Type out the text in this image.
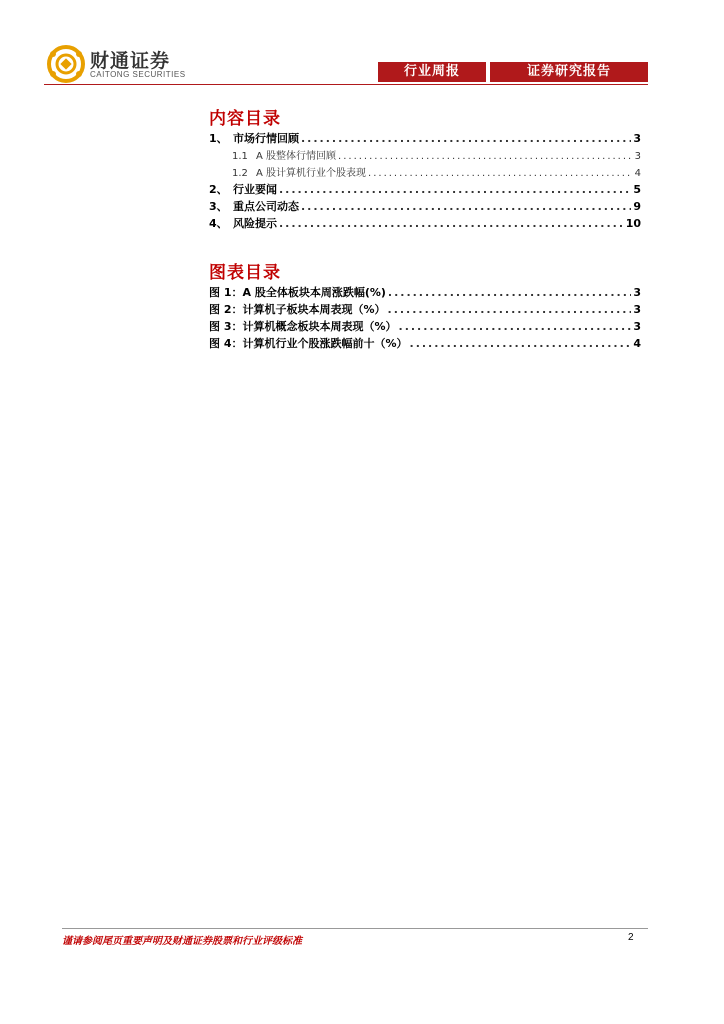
财通证券
CAITONG SECURITIES	行业周报	证券研究报告
内容目录
1、 市场行情回顾 .....	3
1.1 A 股整体行情回顾 .....	3
1.2 A 股计算机行业个股表现 .....	4
2、 行业要闻 .....	5
3、 重点公司动态 .....	9
4、 风险提示 .....	10
图表目录
图 1：A 股全体板块本周涨跌幅(%) .....	3
图 2：计算机子板块本周表现（%） .....	3
图 3：计算机概念板块本周表现（%） .....	3
图 4：计算机行业个股涨跌幅前十（%） .....	4
谨请参阅尾页重要声明及财通证券股票和行业评级标准	2
